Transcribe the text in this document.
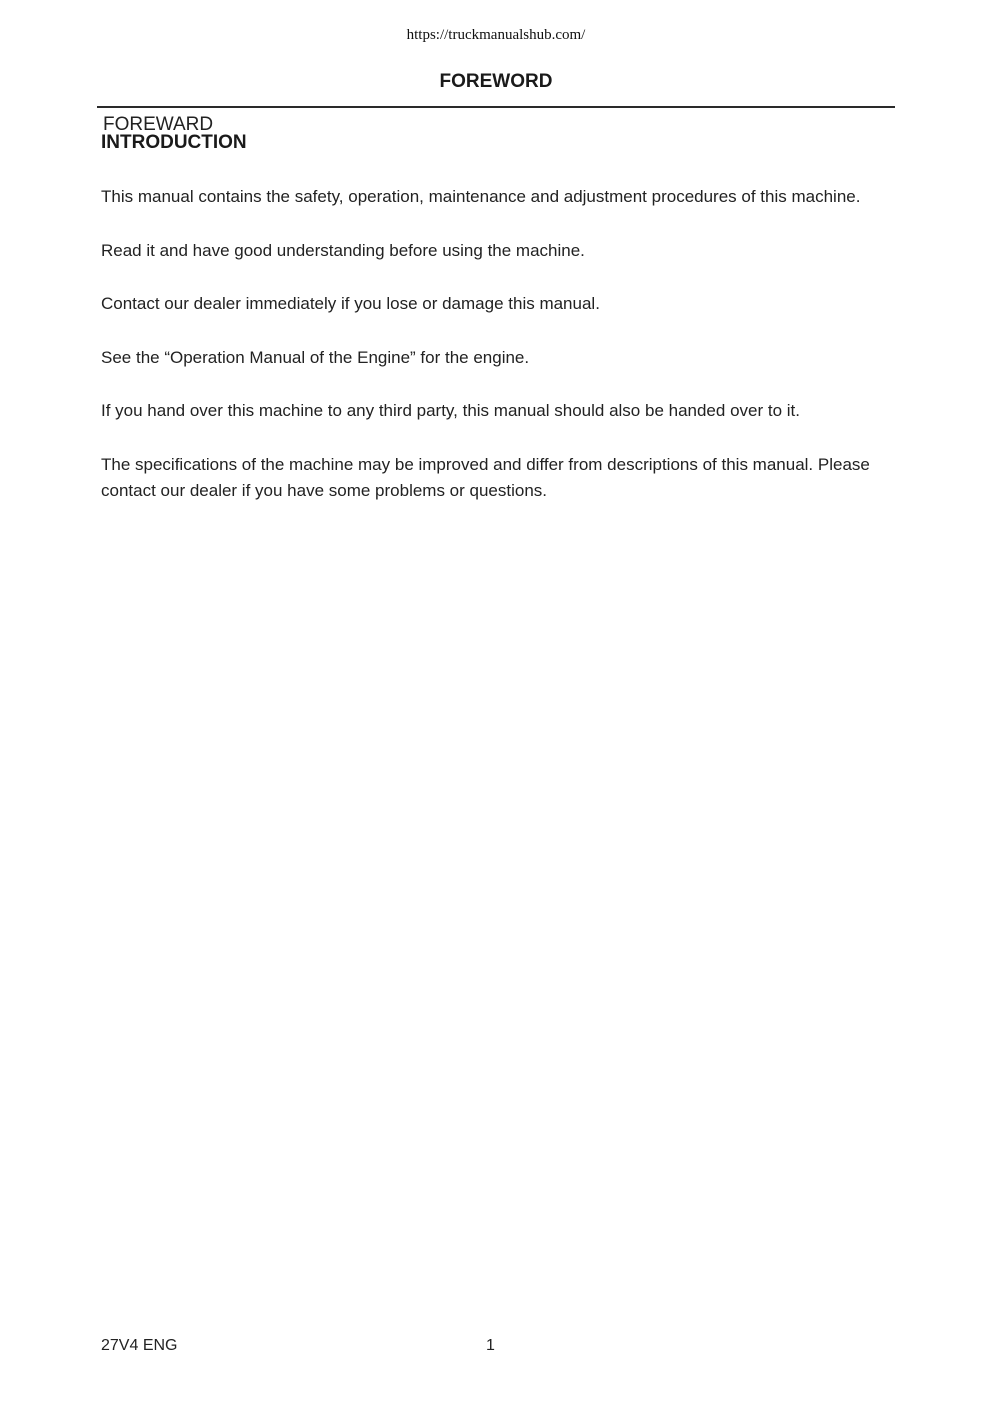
https://truckmanualshub.com/
FOREWORD
FOREWARD
INTRODUCTION

This manual contains the safety, operation, maintenance and adjustment procedures of this machine.

Read it and have good understanding before using the machine.

Contact our dealer immediately if you lose or damage this manual.

See the “Operation Manual of the Engine” for the engine.

If you hand over this machine to any third party, this manual should also be handed over to it.

The specifications of the machine may be improved and differ from descriptions of this manual. Please contact our dealer if you have some problems or questions.

27V4 ENG	1
